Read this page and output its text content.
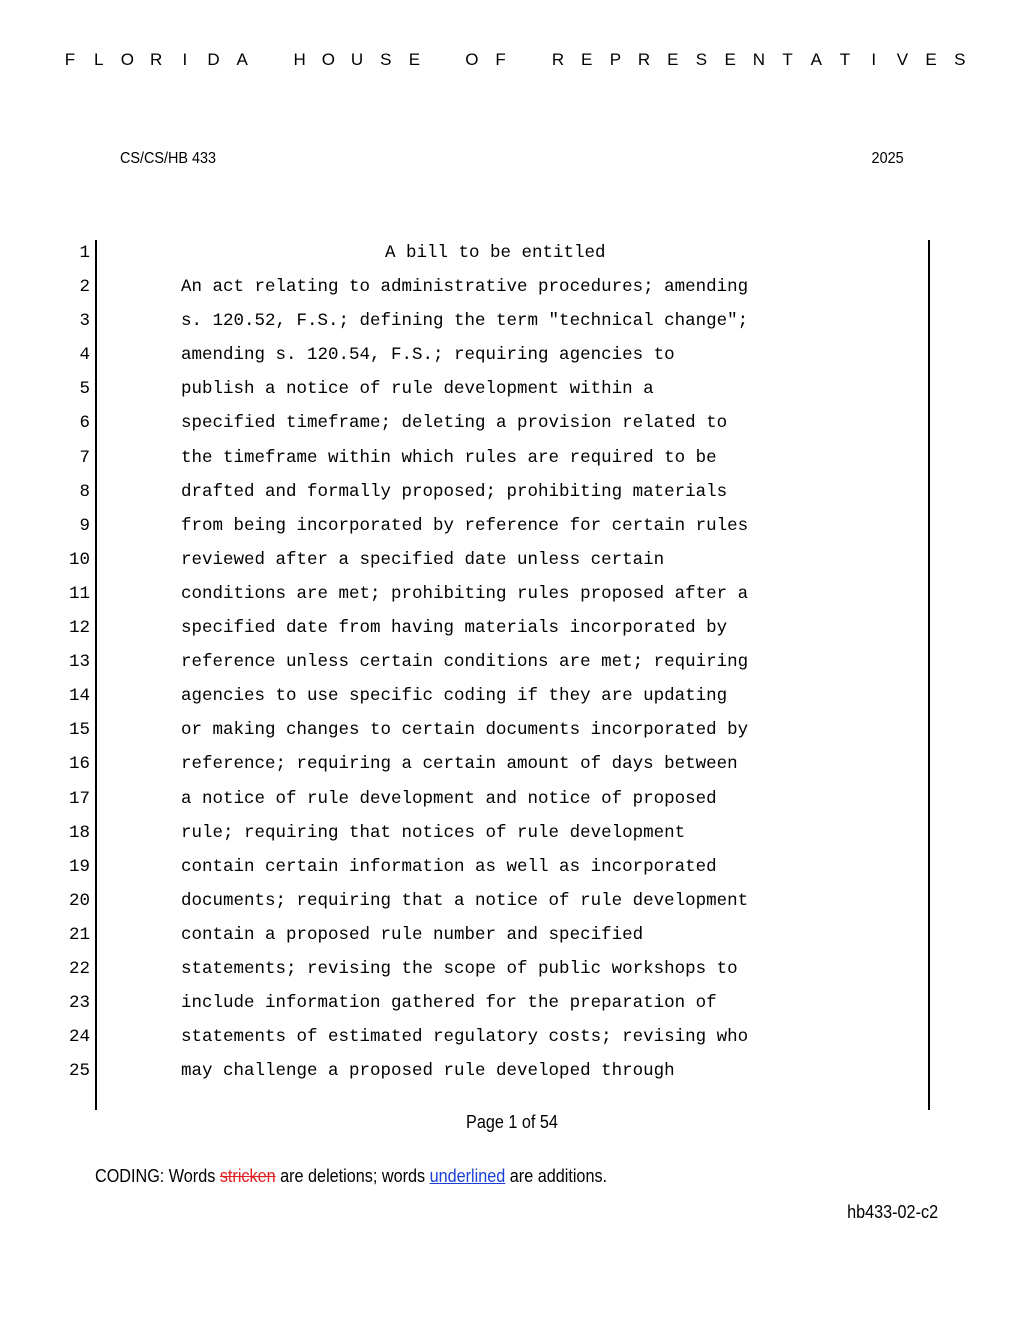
F	L	O R	I	D A	H O U S E	O F	R E P R E S E N T A T	I	V E S
CS/CS/HB 433	2025
1	A bill to be entitled
2	An act relating to administrative procedures; amending
3	s. 120.52, F.S.; defining the term "technical change";
4	amending s. 120.54, F.S.; requiring agencies to
5	publish a notice of rule development within a
6	specified timeframe; deleting a provision related to
7	the timeframe within which rules are required to be
8	drafted and formally proposed; prohibiting materials
9	from being incorporated by reference for certain rules
10	reviewed after a specified date unless certain
11	conditions are met; prohibiting rules proposed after a
12	specified date from having materials incorporated by
13	reference unless certain conditions are met; requiring
14	agencies to use specific coding if they are updating
15	or making changes to certain documents incorporated by
16	reference; requiring a certain amount of days between
17	a notice of rule development and notice of proposed
18	rule; requiring that notices of rule development
19	contain certain information as well as incorporated
20	documents; requiring that a notice of rule development
21	contain a proposed rule number and specified
22	statements; revising the scope of public workshops to
23	include information gathered for the preparation of
24	statements of estimated regulatory costs; revising who
25	may challenge a proposed rule developed through
Page 1 of 54
CODING: Words stricken are deletions; words underlined are additions.
hb433-02-c2
